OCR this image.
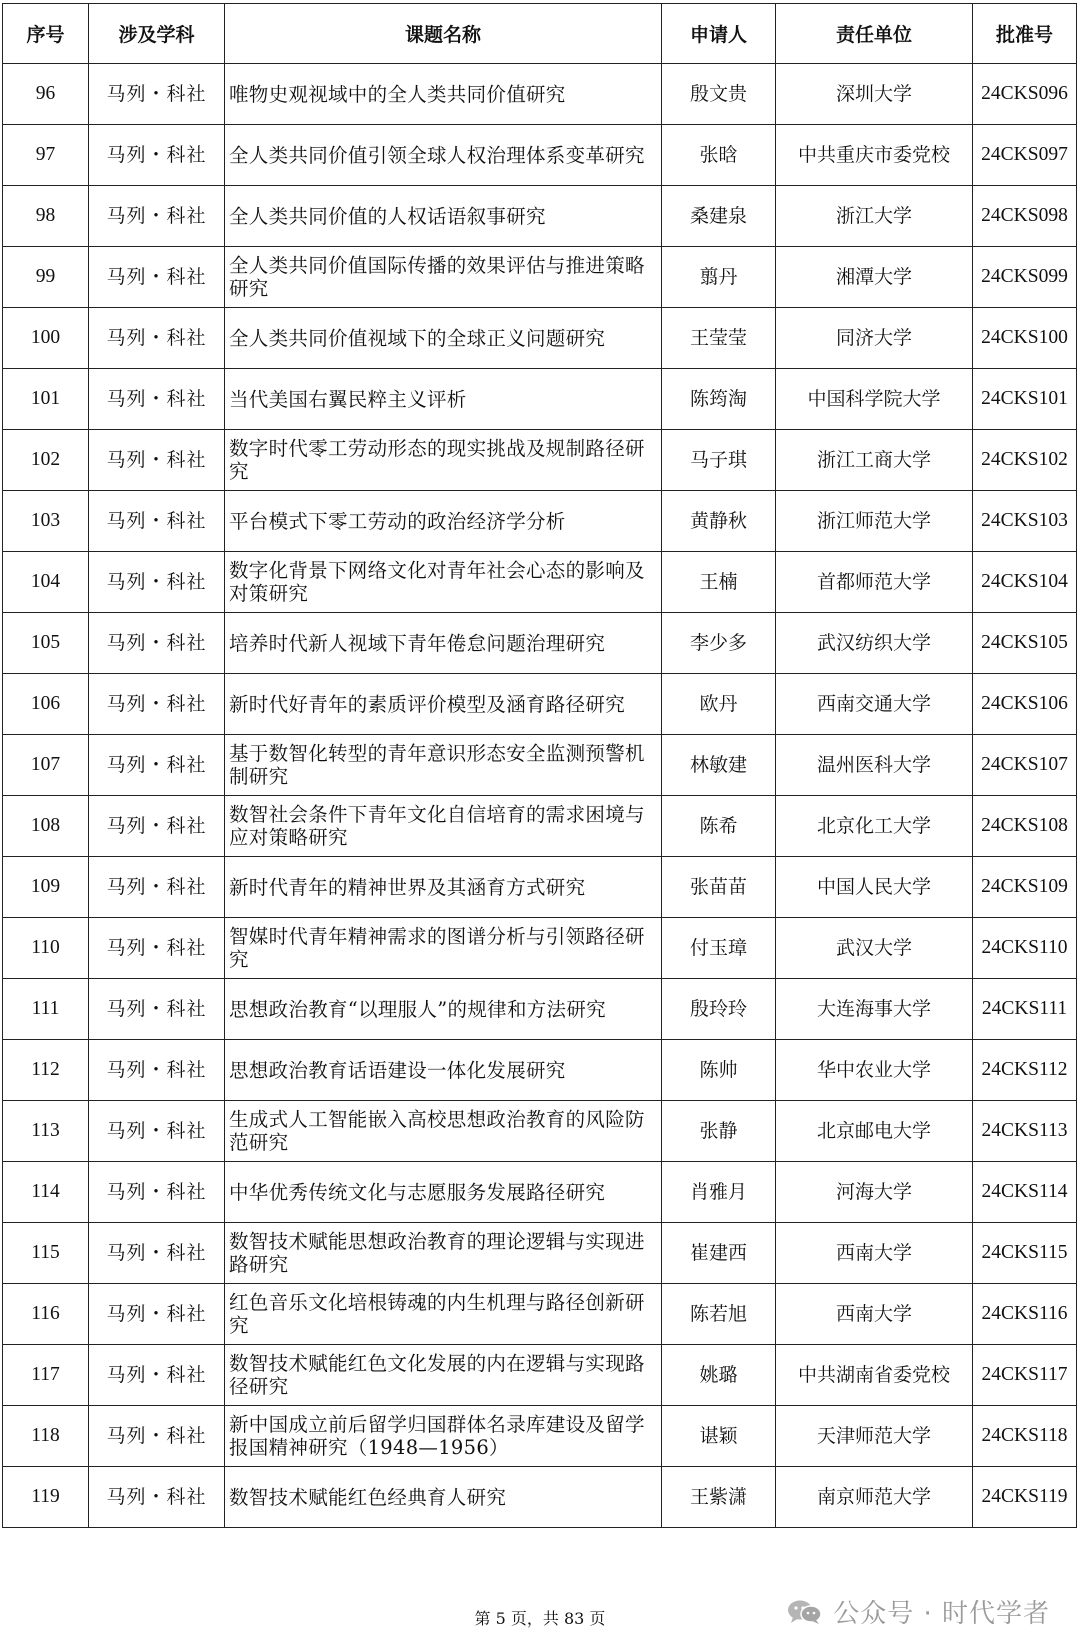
序号	涉及学科	课题名称	申请人	责任单位	批准号
96	马列・科社	唯物史观视域中的全人类共同价值研究	殷文贵	深圳大学	24CKS096
97	马列・科社	全人类共同价值引领全球人权治理体系变革研究	张晗	中共重庆市委党校	24CKS097
98	马列・科社	全人类共同价值的人权话语叙事研究	桑建泉	浙江大学	24CKS098
99	马列・科社	全人类共同价值国际传播的效果评估与推进策略研究	翦丹	湘潭大学	24CKS099
100	马列・科社	全人类共同价值视域下的全球正义问题研究	王莹莹	同济大学	24CKS100
101	马列・科社	当代美国右翼民粹主义评析	陈筠淘	中国科学院大学	24CKS101
102	马列・科社	数字时代零工劳动形态的现实挑战及规制路径研究	马子琪	浙江工商大学	24CKS102
103	马列・科社	平台模式下零工劳动的政治经济学分析	黄静秋	浙江师范大学	24CKS103
104	马列・科社	数字化背景下网络文化对青年社会心态的影响及对策研究	王楠	首都师范大学	24CKS104
105	马列・科社	培养时代新人视域下青年倦怠问题治理研究	李少多	武汉纺织大学	24CKS105
106	马列・科社	新时代好青年的素质评价模型及涵育路径研究	欧丹	西南交通大学	24CKS106
107	马列・科社	基于数智化转型的青年意识形态安全监测预警机制研究	林敏建	温州医科大学	24CKS107
108	马列・科社	数智社会条件下青年文化自信培育的需求困境与应对策略研究	陈希	北京化工大学	24CKS108
109	马列・科社	新时代青年的精神世界及其涵育方式研究	张苗苗	中国人民大学	24CKS109
110	马列・科社	智媒时代青年精神需求的图谱分析与引领路径研究	付玉璋	武汉大学	24CKS110
111	马列・科社	思想政治教育“以理服人”的规律和方法研究	殷玲玲	大连海事大学	24CKS111
112	马列・科社	思想政治教育话语建设一体化发展研究	陈帅	华中农业大学	24CKS112
113	马列・科社	生成式人工智能嵌入高校思想政治教育的风险防范研究	张静	北京邮电大学	24CKS113
114	马列・科社	中华优秀传统文化与志愿服务发展路径研究	肖雅月	河海大学	24CKS114
115	马列・科社	数智技术赋能思想政治教育的理论逻辑与实现进路研究	崔建西	西南大学	24CKS115
116	马列・科社	红色音乐文化培根铸魂的内生机理与路径创新研究	陈若旭	西南大学	24CKS116
117	马列・科社	数智技术赋能红色文化发展的内在逻辑与实现路径研究	姚璐	中共湖南省委党校	24CKS117
118	马列・科社	新中国成立前后留学归国群体名录库建设及留学报国精神研究（1948—1956）	谌颖	天津师范大学	24CKS118
119	马列・科社	数智技术赋能红色经典育人研究	王紫潇	南京师范大学	24CKS119
公众号 · 时代学者
第 5 页，共 83 页
